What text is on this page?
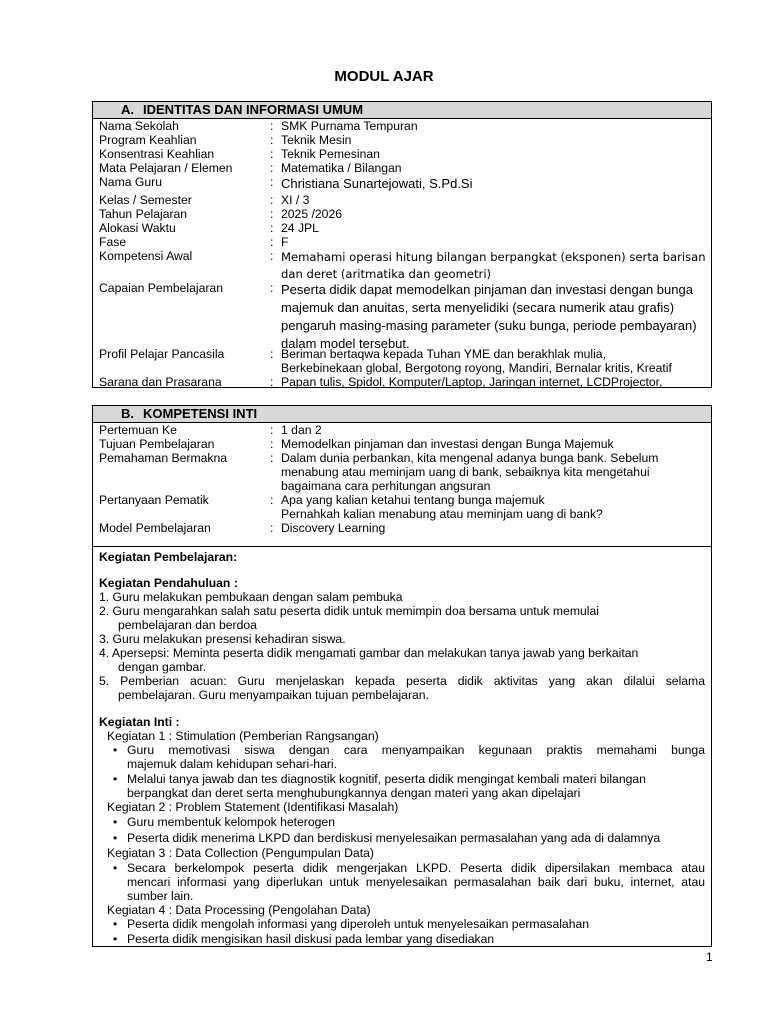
MODUL AJAR
A. IDENTITAS DAN INFORMASI UMUM
Nama Sekolah	: SMK Purnama Tempuran
Program Keahlian	: Teknik Mesin
Konsentrasi Keahlian	: Teknik Pemesinan
Mata Pelajaran / Elemen	: Matematika / Bilangan
Nama Guru	: Christiana Sunartejowati, S.Pd.Si
Kelas / Semester	: XI / 3
Tahun Pelajaran	: 2025 /2026
Alokasi Waktu	: 24 JPL
Fase	: F
Kompetensi Awal	: Memahami operasi hitung bilangan berpangkat (eksponen) serta barisan
dan deret (aritmatika dan geometri)
Capaian Pembelajaran	: Peserta didik dapat memodelkan pinjaman dan investasi dengan bunga
majemuk dan anuitas, serta menyelidiki (secara numerik atau grafis)
pengaruh masing-masing parameter (suku bunga, periode pembayaran)
dalam model tersebut.
Profil Pelajar Pancasila	: Beriman bertaqwa kepada Tuhan YME dan berakhlak mulia,
Berkebinekaan global, Bergotong royong, Mandiri, Bernalar kritis, Kreatif
Sarana dan Prasarana	: Papan tulis, Spidol, Komputer/Laptop, Jaringan internet, LCDProjector,
B. KOMPETENSI INTI
Pertemuan Ke	: 1 dan 2
Tujuan Pembelajaran	: Memodelkan pinjaman dan investasi dengan Bunga Majemuk
Pemahaman Bermakna	: Dalam dunia perbankan, kita mengenal adanya bunga bank. Sebelum
menabung atau meminjam uang di bank, sebaiknya kita mengetahui
bagaimana cara perhitungan angsuran
Pertanyaan Pematik	: Apa yang kalian ketahui tentang bunga majemuk
Pernahkah kalian menabung atau meminjam uang di bank?
Model Pembelajaran	: Discovery Learning
Kegiatan Pembelajaran:
Kegiatan Pendahuluan :
1. Guru melakukan pembukaan dengan salam pembuka
2. Guru mengarahkan salah satu peserta didik untuk memimpin doa bersama untuk memulai
pembelajaran dan berdoa
3. Guru melakukan presensi kehadiran siswa.
4. Apersepsi: Meminta peserta didik mengamati gambar dan melakukan tanya jawab yang berkaitan
dengan gambar.
5. Pemberian acuan: Guru menjelaskan kepada peserta didik aktivitas yang akan dilalui selama
pembelajaran. Guru menyampaikan tujuan pembelajaran.
Kegiatan Inti :
Kegiatan 1 : Stimulation (Pemberian Rangsangan)
• Guru memotivasi siswa dengan cara menyampaikan kegunaan praktis memahami bunga
majemuk dalam kehidupan sehari-hari.
• Melalui tanya jawab dan tes diagnostik kognitif, peserta didik mengingat kembali materi bilangan
berpangkat dan deret serta menghubungkannya dengan materi yang akan dipelajari
Kegiatan 2 : Problem Statement (Identifikasi Masalah)
• Guru membentuk kelompok heterogen
• Peserta didik menerima LKPD dan berdiskusi menyelesaikan permasalahan yang ada di dalamnya
Kegiatan 3 : Data Collection (Pengumpulan Data)
• Secara berkelompok peserta didik mengerjakan LKPD. Peserta didik dipersilakan membaca atau
mencari informasi yang diperlukan untuk menyelesaikan permasalahan baik dari buku, internet, atau
sumber lain.
Kegiatan 4 : Data Processing (Pengolahan Data)
• Peserta didik mengolah informasi yang diperoleh untuk menyelesaikan permasalahan
• Peserta didik mengisikan hasil diskusi pada lembar yang disediakan
1
